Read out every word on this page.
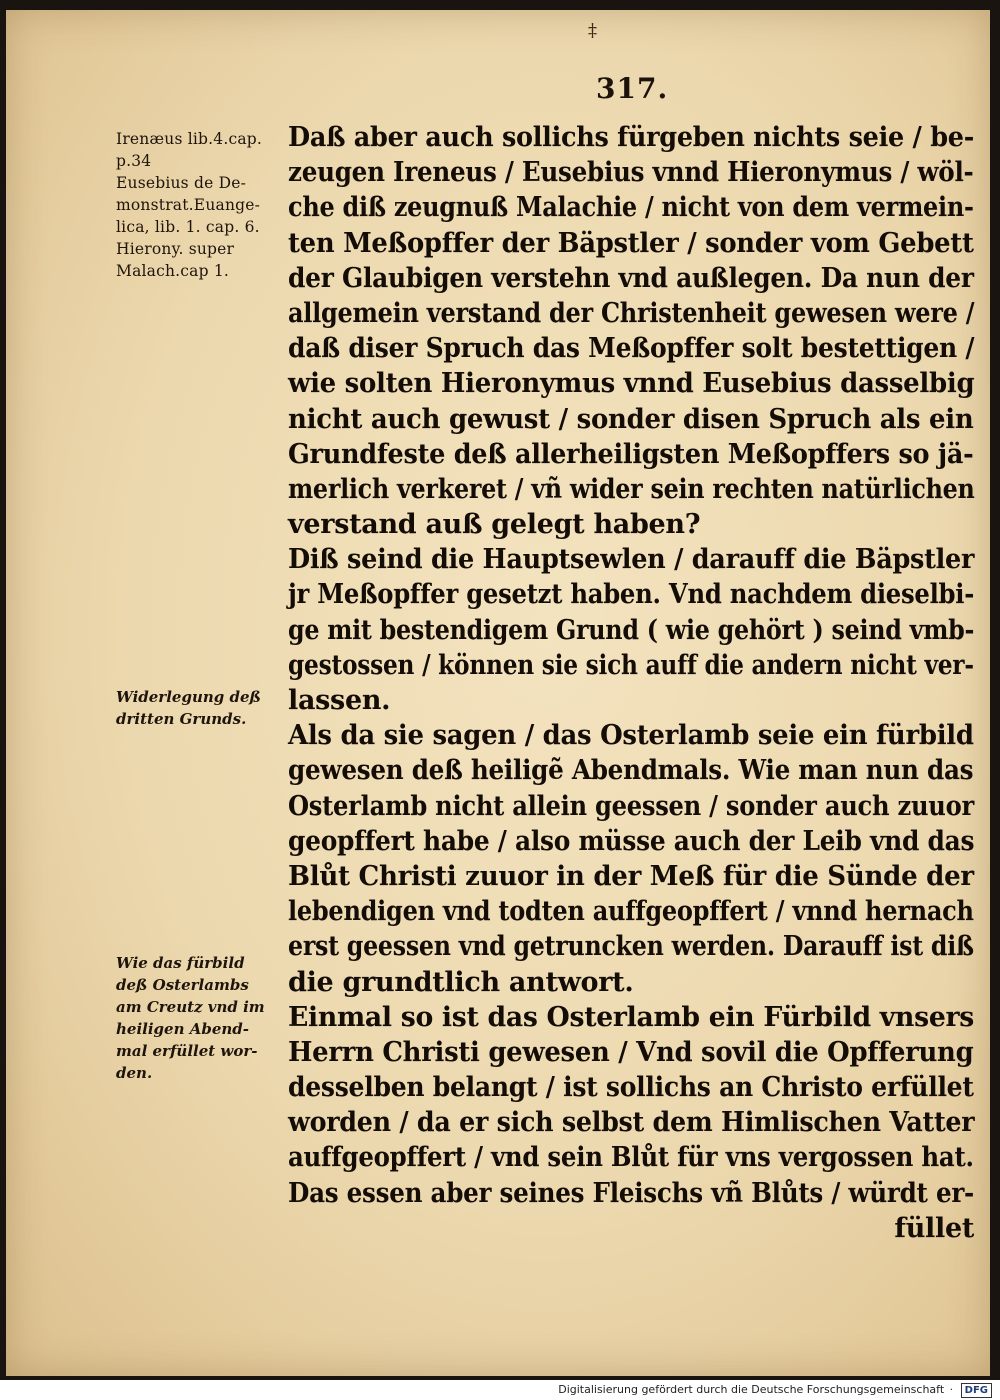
‡
317.
Irenæus lib.4.cap.
p.34
Eusebius de De-
monstrat.Euange-
lica, lib. 1. cap. 6.
Hierony. super
Malach.cap 1.
Widerlegung deß
dritten Grunds.
Wie das fürbild
deß Osterlambs
am Creutz vnd im
heiligen Abend-
mal erfüllet wor-
den.
Daß aber auch sollichs fürgeben nichts seie / be-
zeugen Ireneus / Eusebius vnnd Hieronymus / wöl-
che diß zeugnuß Malachie / nicht von dem vermein-
ten Meßopffer der Bäpstler / sonder vom Gebett
der Glaubigen verstehn vnd außlegen. Da nun der
allgemein verstand der Christenheit gewesen were /
daß diser Spruch das Meßopffer solt bestettigen /
wie solten Hieronymus vnnd Eusebius dasselbig
nicht auch gewust / sonder disen Spruch als ein
Grundfeste deß allerheiligsten Meßopffers so jä-
merlich verkeret / vñ wider sein rechten natürlichen
verstand auß gelegt haben?
Diß seind die Hauptsewlen / darauff die Bäpstler
jr Meßopffer gesetzt haben. Vnd nachdem dieselbi-
ge mit bestendigem Grund ( wie gehört ) seind vmb-
gestossen / können sie sich auff die andern nicht ver-
lassen.
Als da sie sagen / das Osterlamb seie ein fürbild
gewesen deß heiligẽ Abendmals. Wie man nun das
Osterlamb nicht allein geessen / sonder auch zuuor
geopffert habe / also müsse auch der Leib vnd das
Blůt Christi zuuor in der Meß für die Sünde der
lebendigen vnd todten auffgeopffert / vnnd hernach
erst geessen vnd getruncken werden. Darauff ist diß
die grundtlich antwort.
Einmal so ist das Osterlamb ein Fürbild vnsers
Herrn Christi gewesen / Vnd sovil die Opfferung
desselben belangt / ist sollichs an Christo erfüllet
worden / da er sich selbst dem Himlischen Vatter
auffgeopffert / vnd sein Blůt für vns vergossen hat.
Das essen aber seines Fleischs vñ Blůts / würdt er-
füllet
Digitalisierung gefördert durch die Deutsche Forschungsgemeinschaft · DFG
